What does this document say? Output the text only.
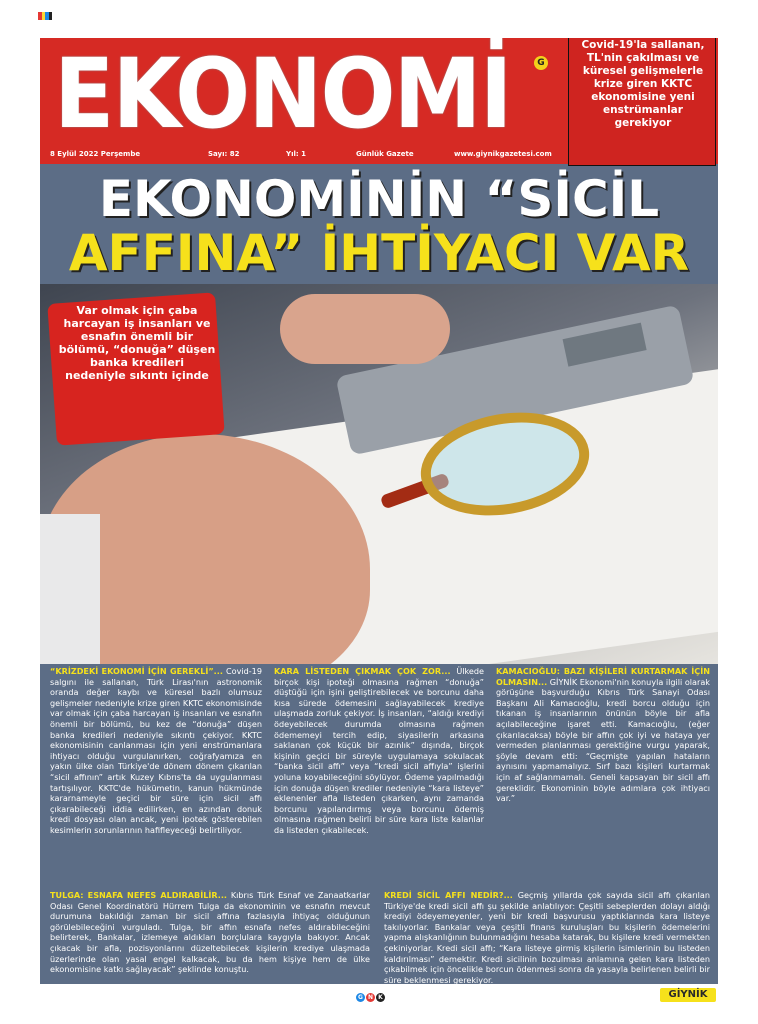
EKONOMİ	G
8 Eylül 2022 Perşembe	Sayı: 82	Yıl: 1	Günlük Gazete	www.giynikgazetesi.com
Covid-19'la sallanan, TL'nin çakılması ve küresel gelişmelerle krize giren KKTC ekonomisine yeni enstrümanlar gerekiyor
EKONOMİNİN “SİCİL
AFFINA” İHTİYACI VAR
Var olmak için çaba harcayan iş insanları ve esnafın önemli bir bölümü, “donuğa” düşen banka kredileri nedeniyle sıkıntı içinde
“KRİZDEKİ EKONOMİ İÇİN GEREKLİ”... Covid-19 salgını ile sallanan, Türk Lirası'nın astronomik oranda değer kaybı ve küresel bazlı olumsuz gelişmeler nedeniyle krize giren KKTC ekonomisinde var olmak için çaba harcayan iş insanları ve esnafın önemli bir bölümü, bu kez de “donuğa” düşen banka kredileri nedeniyle sıkıntı çekiyor. KKTC ekonomisinin canlanması için yeni enstrümanlara ihtiyacı olduğu vurgulanırken, coğrafyamıza en yakın ülke olan Türkiye'de dönem dönem çıkarılan “sicil affının” artık Kuzey Kıbrıs'ta da uygulanması tartışılıyor. KKTC'de hükümetin, kanun hükmünde kararnameyle geçici bir süre için sicil affı çıkarabileceği iddia edilirken, en azından donuk kredi dosyası olan ancak, yeni ipotek gösterebilen kesimlerin sorunlarının hafifleyeceği belirtiliyor.
KARA LİSTEDEN ÇIKMAK ÇOK ZOR... Ülkede birçok kişi ipoteği olmasına rağmen “donuğa” düştüğü için işini geliştirebilecek ve borcunu daha kısa sürede ödemesini sağlayabilecek krediye ulaşmada zorluk çekiyor. İş insanları, “aldığı krediyi ödeyebilecek durumda olmasına rağmen ödememeyi tercih edip, siyasilerin arkasına saklanan çok küçük bir azınlık” dışında, birçok kişinin geçici bir süreyle uygulamaya sokulacak “banka sicil affı” veya “kredi sicil affıyla” işlerini yoluna koyabileceğini söylüyor. Ödeme yapılmadığı için donuğa düşen krediler nedeniyle “kara listeye” eklenenler afla listeden çıkarken, aynı zamanda borcunu yapılandırmış veya borcunu ödemiş olmasına rağmen belirli bir süre kara liste kalanlar da listeden çıkabilecek.
KAMACIOĞLU: BAZI KİŞİLERİ KURTARMAK İÇİN OLMASIN... GİYNİK Ekonomi'nin konuyla ilgili olarak görüşüne başvurduğu Kıbrıs Türk Sanayi Odası Başkanı Ali Kamacıoğlu, kredi borcu olduğu için tıkanan iş insanlarının önünün böyle bir afla açılabileceğine işaret etti. Kamacıoğlu, (eğer çıkarılacaksa) böyle bir affın çok iyi ve hataya yer vermeden planlanması gerektiğine vurgu yaparak, şöyle devam etti: “Geçmişte yapılan hataların aynısını yapmamalıyız. Sırf bazı kişileri kurtarmak için af sağlanmamalı. Geneli kapsayan bir sicil affı gereklidir. Ekonominin böyle adımlara çok ihtiyacı var.”
TULGA: ESNAFA NEFES ALDIRABİLİR... Kıbrıs Türk Esnaf ve Zanaatkarlar Odası Genel Koordinatörü Hürrem Tulga da ekonominin ve esnafın mevcut durumuna bakıldığı zaman bir sicil affına fazlasıyla ihtiyaç olduğunun görülebileceğini vurguladı. Tulga, bir affın esnafa nefes aldırabileceğini belirterek, Bankalar, izlemeye aldıkları borçlulara kaygıyla bakıyor. Ancak çıkacak bir afla, pozisyonlarını düzeltebilecek kişilerin krediye ulaşmada üzerlerinde olan yasal engel kalkacak, bu da hem kişiye hem de ülke ekonomisine katkı sağlayacak” şeklinde konuştu.
KREDİ SİCİL AFFI NEDİR?... Geçmiş yıllarda çok sayıda sicil affı çıkarılan Türkiye'de kredi sicil affı şu şekilde anlatılıyor: Çeşitli sebeplerden dolayı aldığı krediyi ödeyemeyenler, yeni bir kredi başvurusu yaptıklarında kara listeye takılıyorlar. Bankalar veya çeşitli finans kuruluşları bu kişilerin ödemelerini yapma alışkanlığının bulunmadığını hesaba katarak, bu kişilere kredi vermekten çekiniyorlar. Kredi sicil affı; “Kara listeye girmiş kişilerin isimlerinin bu listeden kaldırılması” demektir. Kredi sicilinin bozulması anlamına gelen kara listeden çıkabilmek için öncelikle borcun ödenmesi sonra da yasayla belirlenen belirli bir süre beklenmesi gerekiyor.
G N K	GİYNİK
